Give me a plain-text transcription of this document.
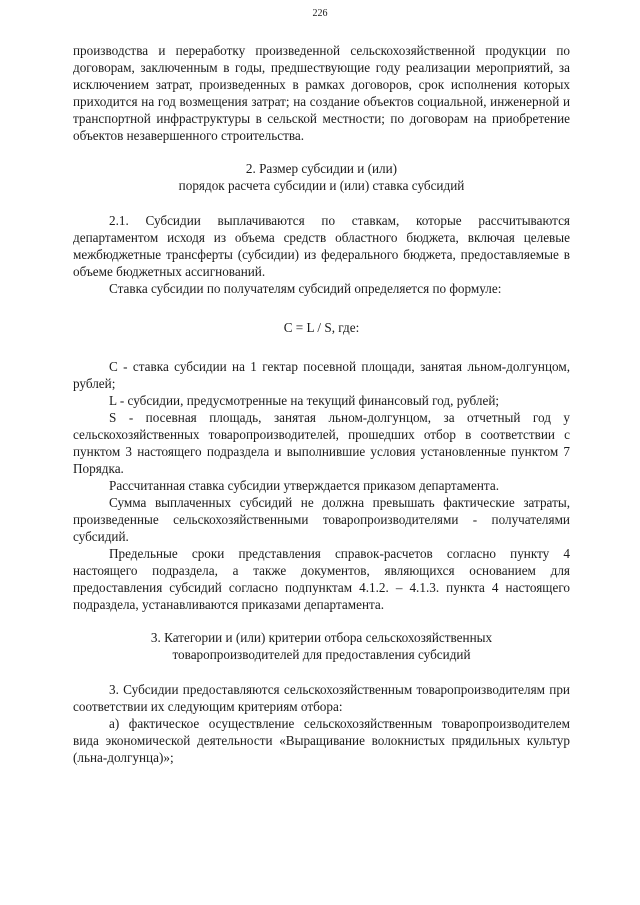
226

производства и переработку произведенной сельскохозяйственной продукции по договорам, заключенным в годы, предшествующие году реализации мероприятий, за исключением затрат, произведенных в рамках договоров, срок исполнения которых приходится на год возмещения затрат; на создание объектов социальной, инженерной и транспортной инфраструктуры в сельской местности; по договорам на приобретение объектов незавершенного строительства.

2. Размер субсидии и (или)
порядок расчета субсидии и (или) ставка субсидий

2.1. Субсидии выплачиваются по ставкам, которые рассчитываются департаментом исходя из объема средств областного бюджета, включая целевые межбюджетные трансферты (субсидии) из федерального бюджета, предоставляемые в объеме бюджетных ассигнований.

Ставка субсидии по получателям субсидий определяется по формуле:

C = L / S, где:

C - ставка субсидии на 1 гектар посевной площади, занятая льном-долгунцом, рублей;

L - субсидии, предусмотренные на текущий финансовый год, рублей;

S - посевная площадь, занятая льном-долгунцом, за отчетный год у сельскохозяйственных товаропроизводителей, прошедших отбор в соответствии с пунктом 3 настоящего подраздела и выполнившие условия установленные пунктом 7 Порядка.

Рассчитанная ставка субсидии утверждается приказом департамента.

Сумма выплаченных субсидий не должна превышать фактические затраты, произведенные сельскохозяйственными товаропроизводителями - получателями субсидий.

Предельные сроки представления справок-расчетов согласно пункту 4 настоящего подраздела, а также документов, являющихся основанием для предоставления субсидий согласно подпунктам 4.1.2. – 4.1.3. пункта 4 настоящего подраздела, устанавливаются приказами департамента.

3. Категории и (или) критерии отбора сельскохозяйственных
товаропроизводителей для предоставления субсидий

3. Субсидии предоставляются сельскохозяйственным товаропроизводителям при соответствии их следующим критериям отбора:

а) фактическое осуществление сельскохозяйственным товаропроизводителем вида экономической деятельности «Выращивание волокнистых прядильных культур (льна-долгунца)»;
